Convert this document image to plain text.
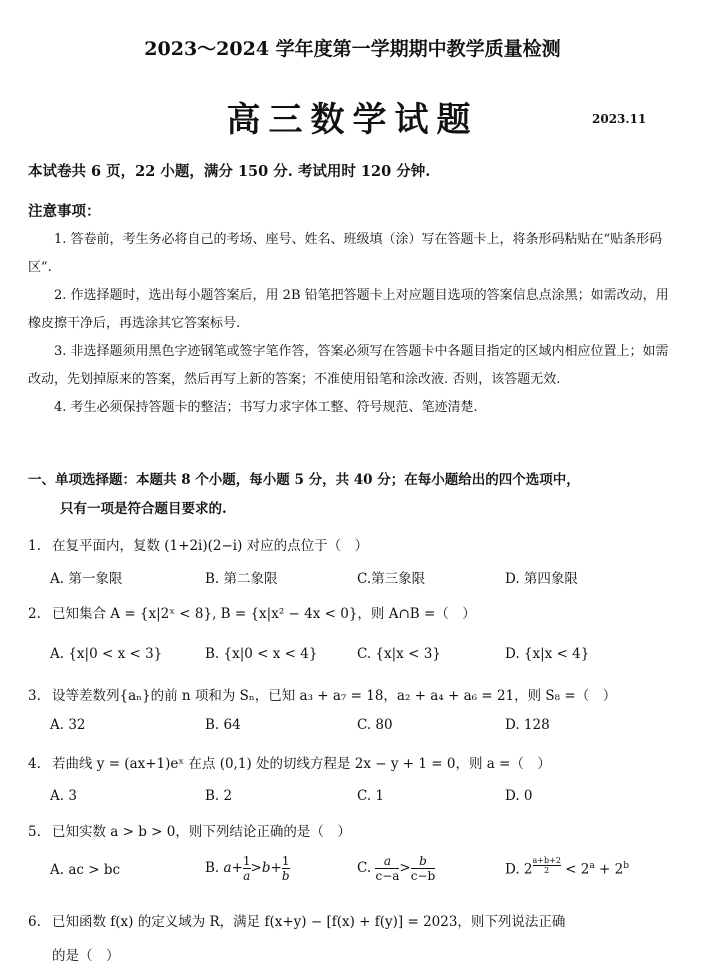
2023～2024 学年度第一学期期中教学质量检测
高三数学试题	2023.11
本试卷共 6 页，22 小题，满分 150 分. 考试用时 120 分钟.
注意事项：

1. 答卷前，考生务必将自己的考场、座号、姓名、班级填（涂）写在答题卡上，将条形码粘贴在“贴条形码区”.

2. 作选择题时，选出每小题答案后，用 2B 铅笔把答题卡上对应题目选项的答案信息点涂黑；如需改动，用橡皮擦干净后，再选涂其它答案标号.

3. 非选择题须用黑色字迹钢笔或签字笔作答，答案必须写在答题卡中各题目指定的区域内相应位置上；如需改动，先划掉原来的答案，然后再写上新的答案；不准使用铅笔和涂改液. 否则，该答题无效.

4. 考生必须保持答题卡的整洁；书写力求字体工整、符号规范、笔迹清楚.

一、单项选择题：本题共 8 个小题，每小题 5 分，共 40 分；在每小题给出的四个选项中，
只有一项是符合题目要求的.
1. 在复平面内，复数 (1+2i)(2−i) 对应的点位于（　）
A. 第一象限	B. 第二象限	C.第三象限	D. 第四象限
2. 已知集合 A = {x|2ˣ < 8}, B = {x|x² − 4x < 0}，则 A∩B =（　）
A. {x|0 < x < 3}	B. {x|0 < x < 4}	C. {x|x < 3}	D. {x|x < 4}
3. 设等差数列{aₙ}的前 n 项和为 Sₙ，已知 a₃ + a₇ = 18，a₂ + a₄ + a₆ = 21，则 S₈ =（　）
A. 32	B. 64	C. 80	D. 128
4. 若曲线 y = (ax+1)eˣ 在点 (0,1) 处的切线方程是 2x − y + 1 = 0，则 a =（　）
A. 3	B. 2	C. 1	D. 0
5. 已知实数 a > b > 0，则下列结论正确的是（　）
A. ac > bc	B. $a+ \frac{1}{a} >b+ \frac{1}{b}$	C. $\frac{a}{c-a} > \frac{b}{c-b}$	D. 2 $^{\frac{a+b+2}{2}} < 2^a + 2^b$
6. 已知函数 f(x) 的定义域为 R，满足 f(x+y) − [f(x) + f(y)] = 2023，则下列说法正确
的是（　）
